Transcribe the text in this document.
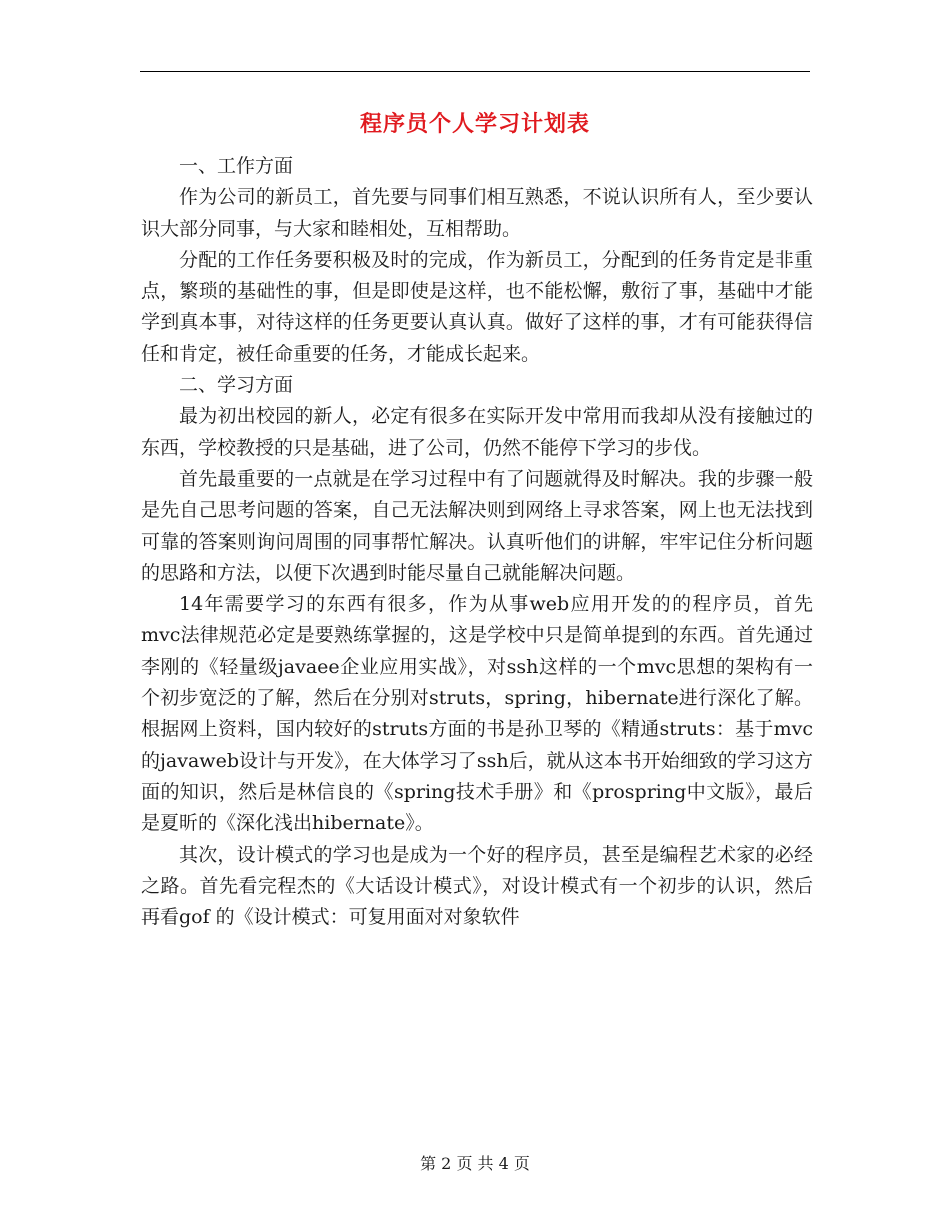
程序员个人学习计划表

一、工作方面

作为公司的新员工，首先要与同事们相互熟悉，不说认识所有人，至少要认识大部分同事，与大家和睦相处，互相帮助。

分配的工作任务要积极及时的完成，作为新员工，分配到的任务肯定是非重点，繁琐的基础性的事，但是即使是这样，也不能松懈，敷衍了事，基础中才能学到真本事，对待这样的任务更要认真认真。做好了这样的事，才有可能获得信任和肯定，被任命重要的任务，才能成长起来。

二、学习方面

最为初出校园的新人，必定有很多在实际开发中常用而我却从没有接触过的东西，学校教授的只是基础，进了公司，仍然不能停下学习的步伐。

首先最重要的一点就是在学习过程中有了问题就得及时解决。我的步骤一般是先自己思考问题的答案，自己无法解决则到网络上寻求答案，网上也无法找到可靠的答案则询问周围的同事帮忙解决。认真听他们的讲解，牢牢记住分析问题的思路和方法，以便下次遇到时能尽量自己就能解决问题。

14年需要学习的东西有很多，作为从事web应用开发的的程序员，首先mvc法律规范必定是要熟练掌握的，这是学校中只是简单提到的东西。首先通过李刚的《轻量级javaee企业应用实战》，对ssh这样的一个mvc思想的架构有一个初步宽泛的了解，然后在分别对struts，spring，hibernate进行深化了解。根据网上资料，国内较好的struts方面的书是孙卫琴的《精通struts：基于mvc的javaweb设计与开发》，在大体学习了ssh后，就从这本书开始细致的学习这方面的知识，然后是林信良的《spring技术手册》和《prospring中文版》，最后是夏昕的《深化浅出hibernate》。

其次，设计模式的学习也是成为一个好的程序员，甚至是编程艺术家的必经之路。首先看完程杰的《大话设计模式》，对设计模式有一个初步的认识，然后再看gof 的《设计模式：可复用面对对象软件

第 2 页 共 4 页
